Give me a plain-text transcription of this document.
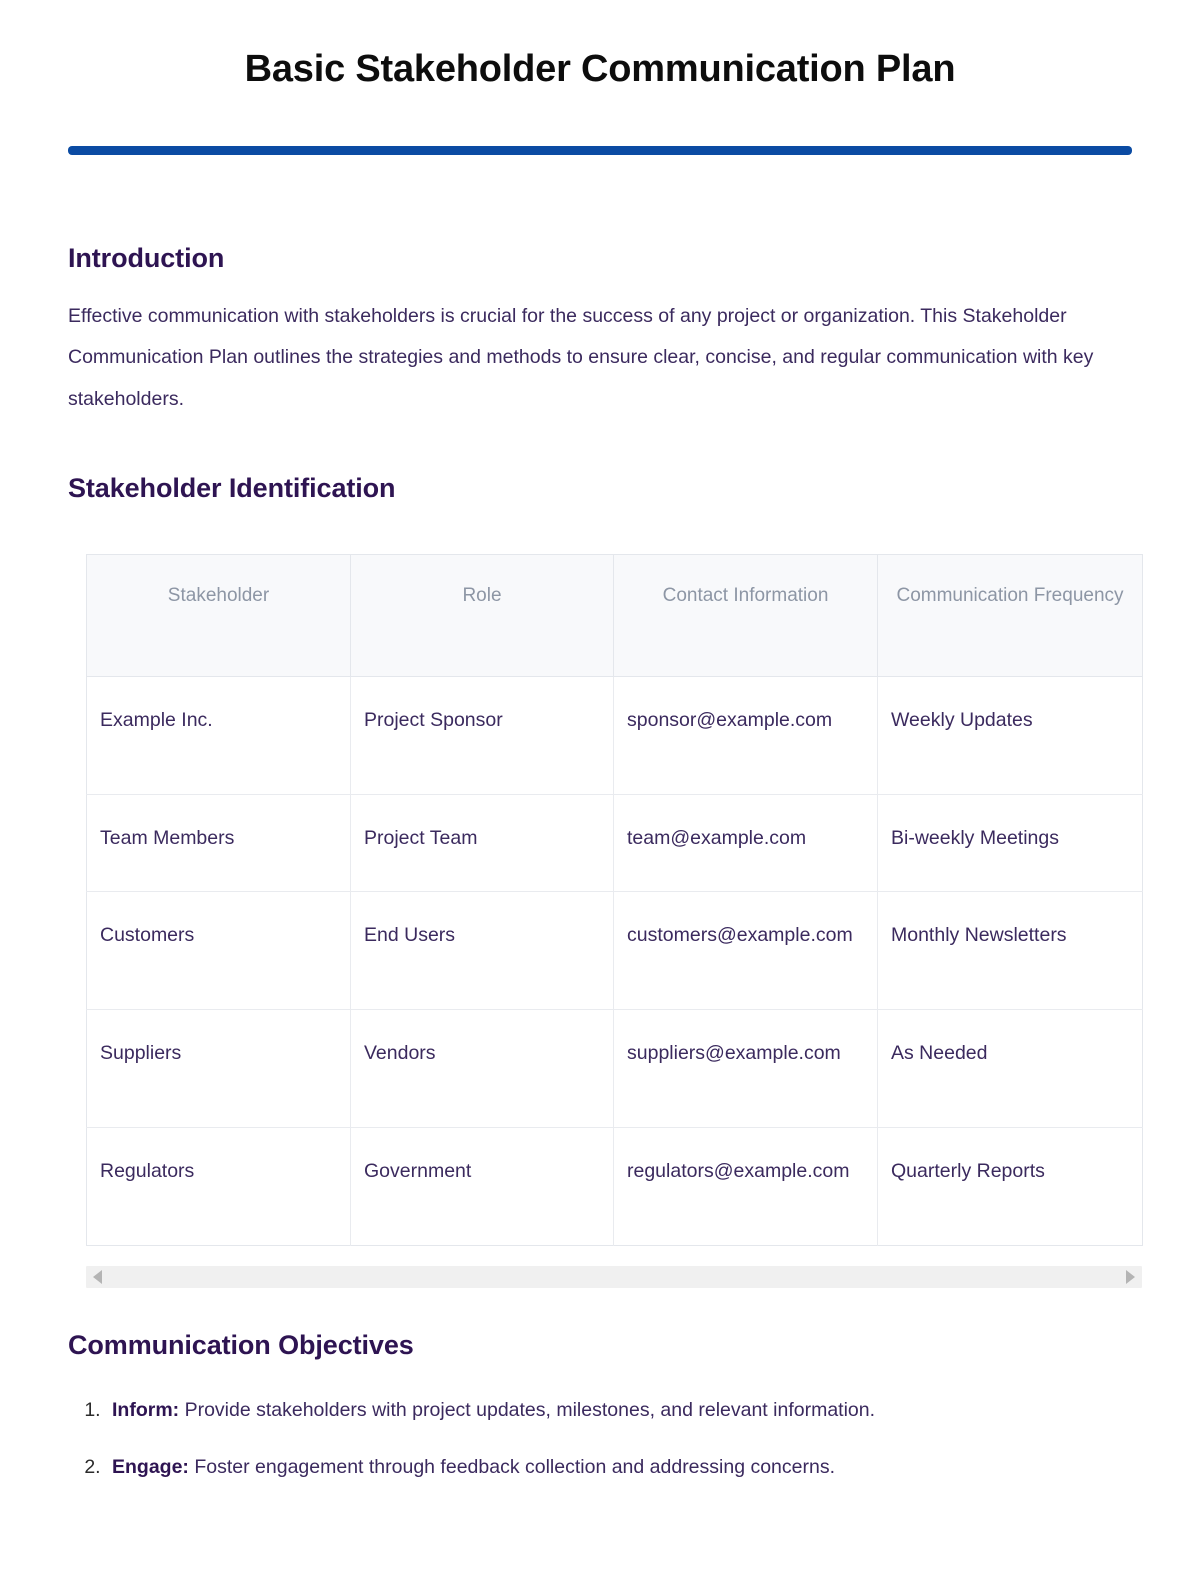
Basic Stakeholder Communication Plan
Introduction

Effective communication with stakeholders is crucial for the success of any project or organization. This Stakeholder Communication Plan outlines the strategies and methods to ensure clear, concise, and regular communication with key stakeholders.

Stakeholder Identification
Stakeholder	Role	Contact Information	Communication Frequency
Example Inc.	Project Sponsor	sponsor@example.com	Weekly Updates
Team Members	Project Team	team@example.com	Bi-weekly Meetings
Customers	End Users	customers@example.com	Monthly Newsletters
Suppliers	Vendors	suppliers@example.com	As Needed
Regulators	Government	regulators@example.com	Quarterly Reports
Communication Objectives
1. Inform: Provide stakeholders with project updates, milestones, and relevant information.
2. Engage: Foster engagement through feedback collection and addressing concerns.
